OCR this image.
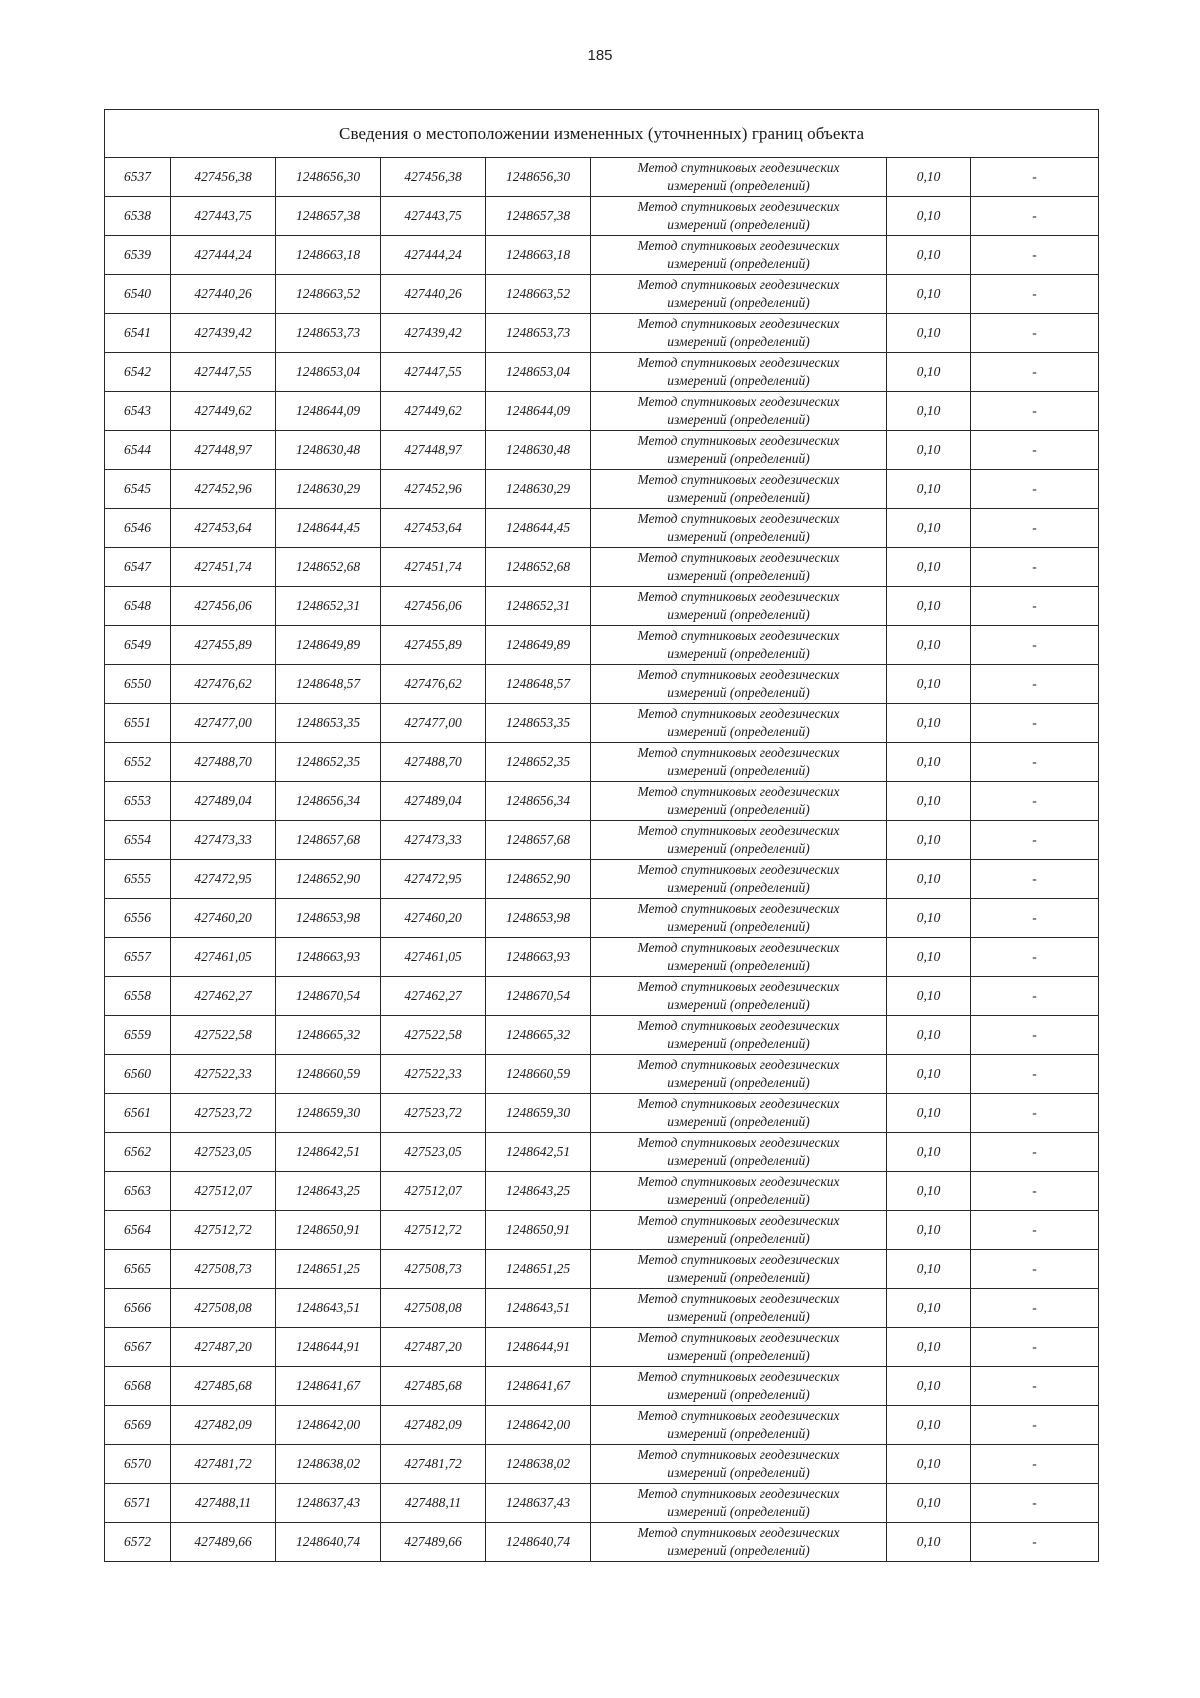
185
Сведения о местоположении измененных (уточненных) границ объекта							
6537	427456,38	1248656,30	427456,38	1248656,30	Метод спутниковых геодезических
измерений (определений)	0,10	-
6538	427443,75	1248657,38	427443,75	1248657,38	Метод спутниковых геодезических
измерений (определений)	0,10	-
6539	427444,24	1248663,18	427444,24	1248663,18	Метод спутниковых геодезических
измерений (определений)	0,10	-
6540	427440,26	1248663,52	427440,26	1248663,52	Метод спутниковых геодезических
измерений (определений)	0,10	-
6541	427439,42	1248653,73	427439,42	1248653,73	Метод спутниковых геодезических
измерений (определений)	0,10	-
6542	427447,55	1248653,04	427447,55	1248653,04	Метод спутниковых геодезических
измерений (определений)	0,10	-
6543	427449,62	1248644,09	427449,62	1248644,09	Метод спутниковых геодезических
измерений (определений)	0,10	-
6544	427448,97	1248630,48	427448,97	1248630,48	Метод спутниковых геодезических
измерений (определений)	0,10	-
6545	427452,96	1248630,29	427452,96	1248630,29	Метод спутниковых геодезических
измерений (определений)	0,10	-
6546	427453,64	1248644,45	427453,64	1248644,45	Метод спутниковых геодезических
измерений (определений)	0,10	-
6547	427451,74	1248652,68	427451,74	1248652,68	Метод спутниковых геодезических
измерений (определений)	0,10	-
6548	427456,06	1248652,31	427456,06	1248652,31	Метод спутниковых геодезических
измерений (определений)	0,10	-
6549	427455,89	1248649,89	427455,89	1248649,89	Метод спутниковых геодезических
измерений (определений)	0,10	-
6550	427476,62	1248648,57	427476,62	1248648,57	Метод спутниковых геодезических
измерений (определений)	0,10	-
6551	427477,00	1248653,35	427477,00	1248653,35	Метод спутниковых геодезических
измерений (определений)	0,10	-
6552	427488,70	1248652,35	427488,70	1248652,35	Метод спутниковых геодезических
измерений (определений)	0,10	-
6553	427489,04	1248656,34	427489,04	1248656,34	Метод спутниковых геодезических
измерений (определений)	0,10	-
6554	427473,33	1248657,68	427473,33	1248657,68	Метод спутниковых геодезических
измерений (определений)	0,10	-
6555	427472,95	1248652,90	427472,95	1248652,90	Метод спутниковых геодезических
измерений (определений)	0,10	-
6556	427460,20	1248653,98	427460,20	1248653,98	Метод спутниковых геодезических
измерений (определений)	0,10	-
6557	427461,05	1248663,93	427461,05	1248663,93	Метод спутниковых геодезических
измерений (определений)	0,10	-
6558	427462,27	1248670,54	427462,27	1248670,54	Метод спутниковых геодезических
измерений (определений)	0,10	-
6559	427522,58	1248665,32	427522,58	1248665,32	Метод спутниковых геодезических
измерений (определений)	0,10	-
6560	427522,33	1248660,59	427522,33	1248660,59	Метод спутниковых геодезических
измерений (определений)	0,10	-
6561	427523,72	1248659,30	427523,72	1248659,30	Метод спутниковых геодезических
измерений (определений)	0,10	-
6562	427523,05	1248642,51	427523,05	1248642,51	Метод спутниковых геодезических
измерений (определений)	0,10	-
6563	427512,07	1248643,25	427512,07	1248643,25	Метод спутниковых геодезических
измерений (определений)	0,10	-
6564	427512,72	1248650,91	427512,72	1248650,91	Метод спутниковых геодезических
измерений (определений)	0,10	-
6565	427508,73	1248651,25	427508,73	1248651,25	Метод спутниковых геодезических
измерений (определений)	0,10	-
6566	427508,08	1248643,51	427508,08	1248643,51	Метод спутниковых геодезических
измерений (определений)	0,10	-
6567	427487,20	1248644,91	427487,20	1248644,91	Метод спутниковых геодезических
измерений (определений)	0,10	-
6568	427485,68	1248641,67	427485,68	1248641,67	Метод спутниковых геодезических
измерений (определений)	0,10	-
6569	427482,09	1248642,00	427482,09	1248642,00	Метод спутниковых геодезических
измерений (определений)	0,10	-
6570	427481,72	1248638,02	427481,72	1248638,02	Метод спутниковых геодезических
измерений (определений)	0,10	-
6571	427488,11	1248637,43	427488,11	1248637,43	Метод спутниковых геодезических
измерений (определений)	0,10	-
6572	427489,66	1248640,74	427489,66	1248640,74	Метод спутниковых геодезических
измерений (определений)	0,10	-
